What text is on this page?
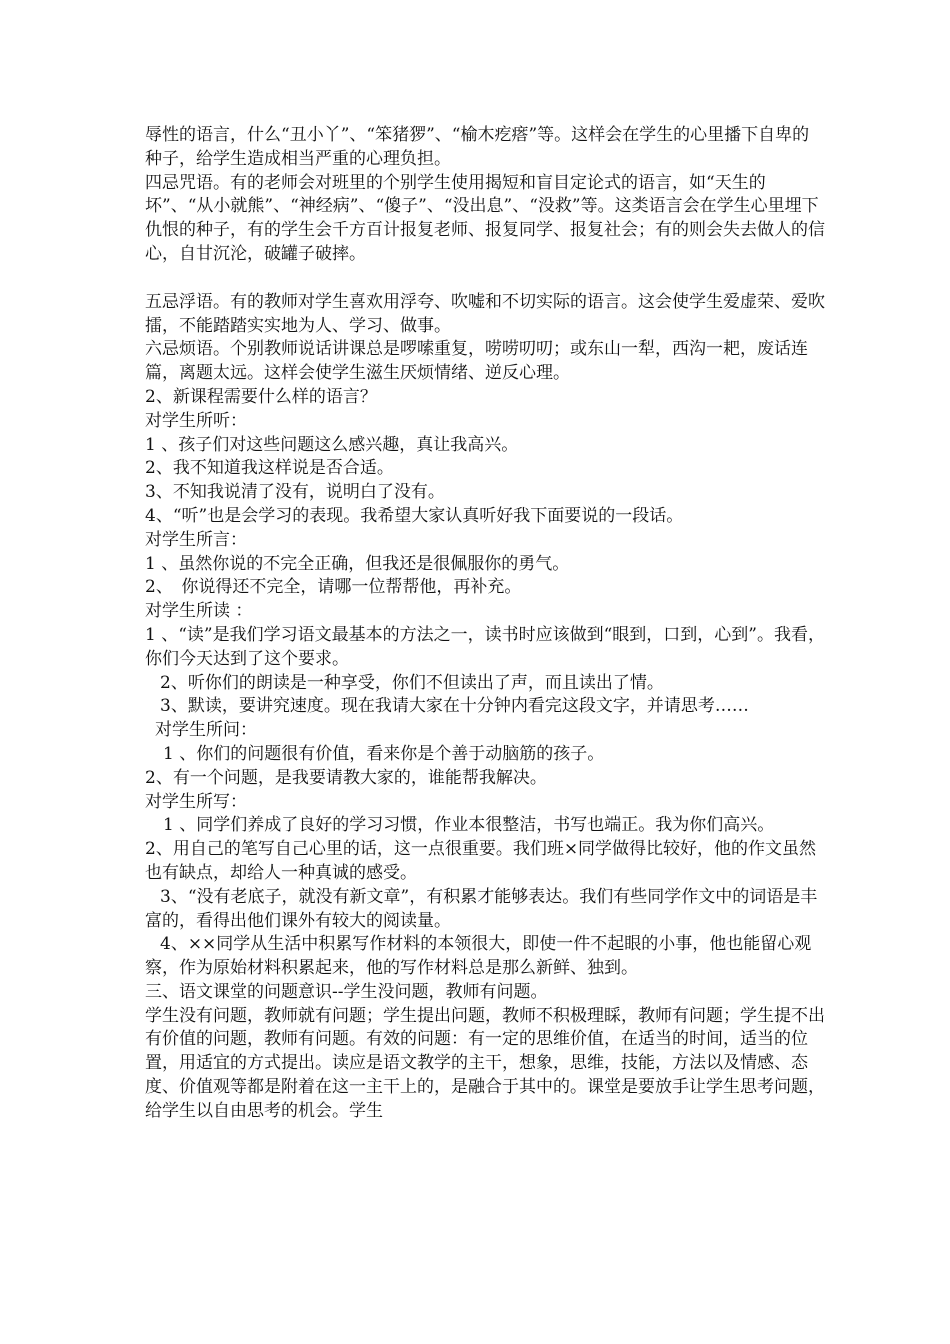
辱性的语言，什么“丑小丫”、“笨猪猡”、“榆木疙瘩”等。这样会在学生的心里播下自卑的种子，给学生造成相当严重的心理负担。

四忌咒语。有的老师会对班里的个别学生使用揭短和盲目定论式的语言，如“天生的坏”、“从小就熊”、“神经病”、“傻子”、“没出息”、“没救”等。这类语言会在学生心里埋下仇恨的种子，有的学生会千方百计报复老师、报复同学、报复社会；有的则会失去做人的信心，自甘沉沦，破罐子破摔。

五忌浮语。有的教师对学生喜欢用浮夸、吹嘘和不切实际的语言。这会使学生爱虚荣、爱吹擂，不能踏踏实实地为人、学习、做事。

六忌烦语。个别教师说话讲课总是啰嗦重复，唠唠叨叨；或东山一犁，西沟一耙，废话连篇，离题太远。这样会使学生滋生厌烦情绪、逆反心理。

2、新课程需要什么样的语言？

对学生所听：

1 、孩子们对这些问题这么感兴趣，真让我高兴。

2、我不知道我这样说是否合适。

3、不知我说清了没有，说明白了没有。

4、“听”也是会学习的表现。我希望大家认真听好我下面要说的一段话。

对学生所言：

1 、虽然你说的不完全正确，但我还是很佩服你的勇气。

2、　你说得还不完全，请哪一位帮帮他，再补充。

对学生所读 ：

1 、“读”是我们学习语文最基本的方法之一，读书时应该做到“眼到，口到，心到”。我看，你们今天达到了这个要求。

2、听你们的朗读是一种享受，你们不但读出了声，而且读出了情。

3、默读，要讲究速度。现在我请大家在十分钟内看完这段文字，并请思考……

对学生所问：

1 、你们的问题很有价值，看来你是个善于动脑筋的孩子。

2、有一个问题，是我要请教大家的，谁能帮我解决。

对学生所写：

1 、同学们养成了良好的学习习惯，作业本很整洁，书写也端正。我为你们高兴。

2、用自己的笔写自己心里的话，这一点很重要。我们班×同学做得比较好，他的作文虽然也有缺点，却给人一种真诚的感受。

3、“没有老底子，就没有新文章”，有积累才能够表达。我们有些同学作文中的词语是丰富的，看得出他们课外有较大的阅读量。

4、××同学从生活中积累写作材料的本领很大，即使一件不起眼的小事，他也能留心观察，作为原始材料积累起来，他的写作材料总是那么新鲜、独到。

三、语文课堂的问题意识--学生没问题，教师有问题。

学生没有问题，教师就有问题；学生提出问题，教师不积极理睬，教师有问题；学生提不出有价值的问题，教师有问题。有效的问题：有一定的思维价值，在适当的时间，适当的位置，用适宜的方式提出。读应是语文教学的主干，想象，思维，技能，方法以及情感、态度、价值观等都是附着在这一主干上的，是融合于其中的。课堂是要放手让学生思考问题，给学生以自由思考的机会。学生
